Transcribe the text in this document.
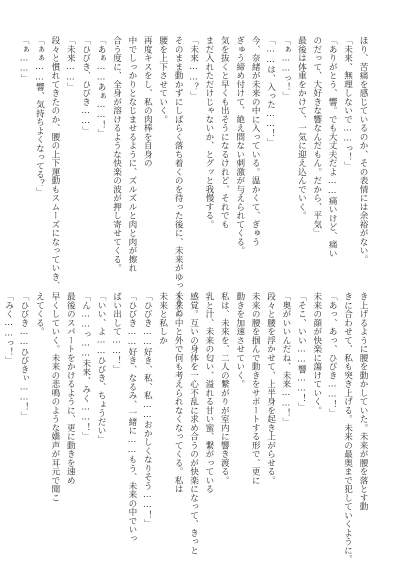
ほり、苦痛を感じているのか、その表情には余裕がない。

「未来、無理しないで……っ！」

「ありがとう、響。でも大丈夫だよ……痛いけど、痛い

のだって、大好きな響なんだもん。だから、平気」

最後は体重をかけて、一気に迎え込んでいく。

「ぁ……っ！」

「……は、入った……！」

今、奈緒が未来の中に入っている。温かくて、ぎゅう

ぎゅう締め付けて、絶え間ない刺激が与えられてくる。

気を抜くと早くも出そうになるけれど、それでも

まだ入れただけじゃないか、とグッと我慢する。

「未来……？」

そのまま動かずにしばらく落ち着くのを待った後に、未来がゆっくりと

腰を上下させていく。

再度キスをし、私の肉棒を自身の

中でしっかりとなじませるように、ズルズルと肉と肉が擦れ

合う度に、全身が溶けるような快楽の波が押し寄せてくる。

「あぁ……あぁ……！」

「ひびき、ひびき……」

「未来……」

段々と慣れてきたのか、腰の上下運動もスムーズになっていき、

「ぁぁ……響、気持ちよくなってる？」

「ぁ……」

き上げるように腰を動かしていた。未来が腰を落とす動

きに合わせて、私も突き上げる。未来の最奥まで犯していくように。

「あっ、あっ、ひびき……！」

未来の顔が快楽に蕩けていく。

「そこ、いい……響……！」

「奥がいいんだね、未来……！」

段々と腰を浮かせて、上半身を起き上がらせる。

未来の腰を掴んで動きをサポートする形で、更に

動きを加速させていく。

私は、未来を、二人の繋がりが室内に響き渡る。

乳と汁、未来の匂い、溢れる甘い蜜、繋がっている

感覚。互いの身体を一心不乱に求め合うのが快楽になって、きっと

未来の中と外で何も考えられなくなってくる。私は

未来と私しか

「ひびき……好き、私、私……おかしくなりそう……！」

「ひびき……好き、なるみ、一緒に……もう、未来の中でいっ

ぱい出して……！」

「いい、よ……ひびき、ちょうだい」

「ん……っ……未来、みく……！」

最後のスパートをかけるように、更に動きを速め

早くしていく。未来の悲鳴のような嬌声が耳元で聞こ

えてくる。

「ひびき……ひびきぃ……！」

「みく……っ！」
